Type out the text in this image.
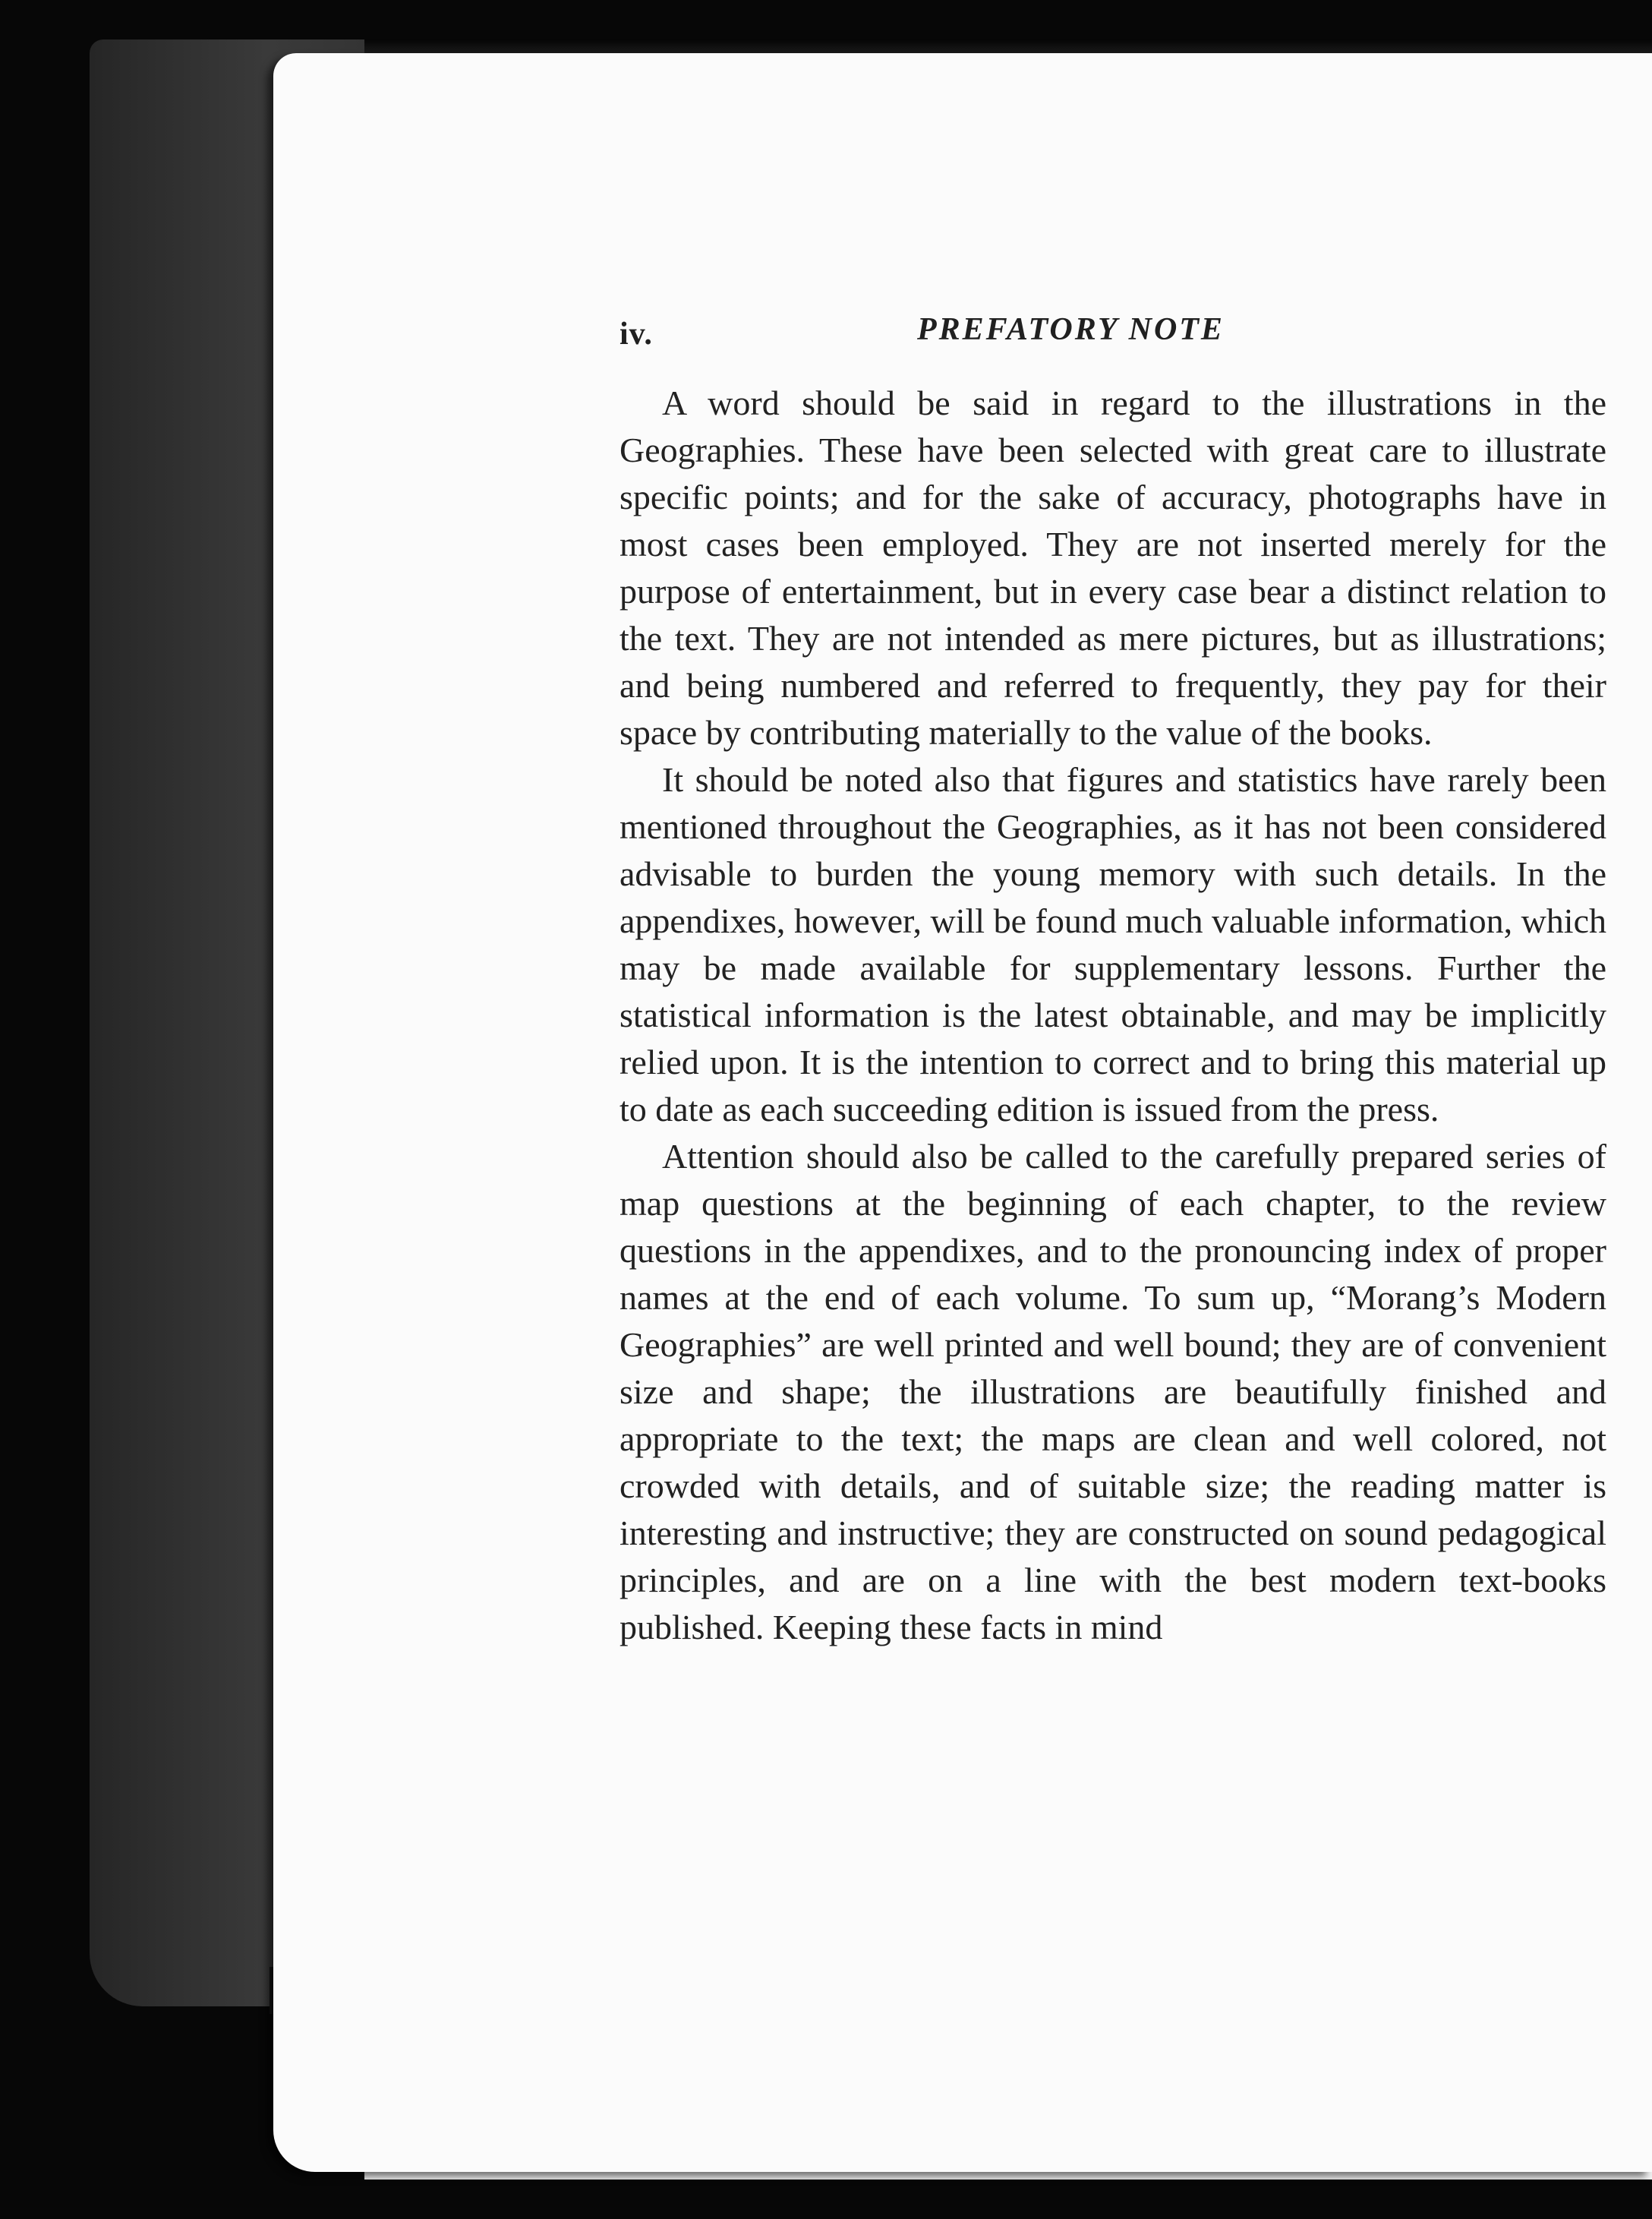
iv.	PREFATORY NOTE

A word should be said in regard to the illustrations in the Geographies. These have been selected with great care to illustrate specific points; and for the sake of accuracy, photographs have in most cases been employed. They are not inserted merely for the purpose of entertainment, but in every case bear a distinct relation to the text. They are not intended as mere pictures, but as illustrations; and being numbered and referred to frequently, they pay for their space by contributing materially to the value of the books.

It should be noted also that figures and statistics have rarely been mentioned throughout the Geographies, as it has not been considered advisable to burden the young memory with such details. In the appendixes, however, will be found much valuable information, which may be made available for supplementary lessons. Further the statistical information is the latest obtainable, and may be implicitly relied upon. It is the intention to correct and to bring this material up to date as each succeeding edition is issued from the press.

Attention should also be called to the carefully prepared series of map questions at the beginning of each chapter, to the review questions in the appendixes, and to the pronouncing index of proper names at the end of each volume. To sum up, “Morang’s Modern Geographies” are well printed and well bound; they are of convenient size and shape; the illustrations are beautifully finished and appropriate to the text; the maps are clean and well colored, not crowded with details, and of suitable size; the reading matter is interesting and instructive; they are constructed on sound pedagogical principles, and are on a line with the best modern text-books published. Keeping these facts in mind
